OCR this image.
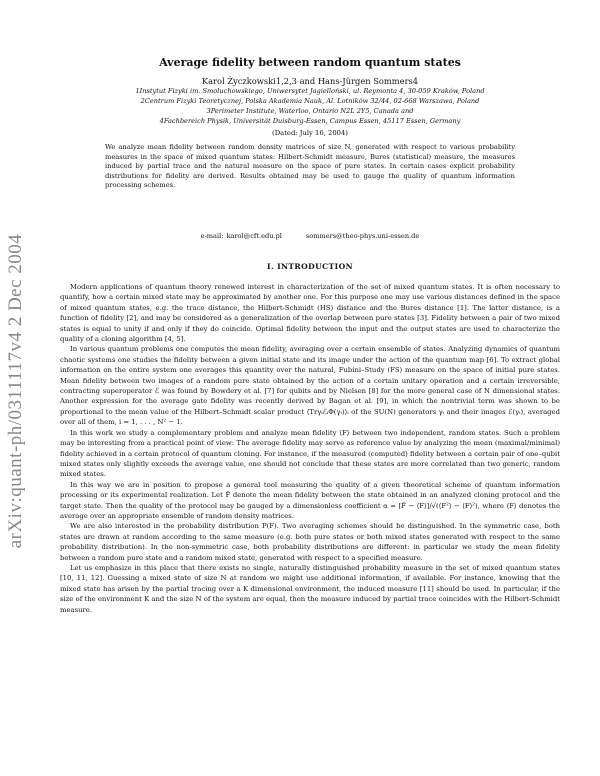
arXiv:quant-ph/0311117v4 2 Dec 2004
Average fidelity between random quantum states
Karol Życzkowski1,2,3 and Hans-Jürgen Sommers4
1Instytut Fizyki im. Smoluchowskiego, Uniwersytet Jagielloński, ul. Reymonta 4, 30-059 Kraków, Poland
2Centrum Fizyki Teoretycznej, Polska Akademia Nauk, Al. Lotników 32/44, 02-668 Warszawa, Poland
3Perimeter Institute, Waterloo, Ontario N2L 2Y5, Canada and
4Fachbereich Physik, Universität Duisburg-Essen, Campus Essen, 45117 Essen, Germany
(Dated: July 16, 2004)
We analyze mean fidelity between random density matrices of size N, generated with respect to various probability measures in the space of mixed quantum states: Hilbert-Schmidt measure, Bures (statistical) measure, the measures induced by partial trace and the natural measure on the space of pure states. In certain cases explicit probability distributions for fidelity are derived. Results obtained may be used to gauge the quality of quantum information processing schemes.
e-mail: karol@cft.edu.pl	sommers@theo-phys.uni-essen.de
I. INTRODUCTION

Modern applications of quantum theory renewed interest in characterization of the set of mixed quantum states. It is often necessary to quantify, how a certain mixed state may be approximated by another one. For this purpose one may use various distances defined in the space of mixed quantum states, e.g. the trace distance, the Hilbert-Schmidt (HS) distance and the Bures distance [1]. The latter distance, is a function of fidelity [2], and may be considered as a generalization of the overlap between pure states [3]. Fidelity between a pair of two mixed states is equal to unity if and only if they do coincide. Optimal fidelity between the input and the output states are used to characterize the quality of a cloning algorithm [4, 5].

In various quantum problems one computes the mean fidelity, averaging over a certain ensemble of states. Analyzing dynamics of quantum chaotic systems one studies the fidelity between a given initial state and its image under the action of the quantum map [6]. To extract global information on the entire system one averages this quantity over the natural, Fubini–Study (FS) measure on the space of initial pure states. Mean fidelity between two images of a random pure state obtained by the action of a certain unitary operation and a certain irreversible, contracting superoperator ℰ was found by Bowdery et al. [7] for qubits and by Nielsen [8] for the more general case of N dimensional states. Another expression for the average gate fidelity was recently derived by Bagan et al. [9], in which the nontrivial term was shown to be proportional to the mean value of the Hilbert–Schmidt scalar product ⟨TrγᵢℰᵢΦ(γᵢ)⟩ᵢ of the SU(N) generators γᵢ and their images ℰ(γᵢ), averaged over all of them, i = 1, . . . , N² − 1.

In this work we study a complementary problem and analyze mean fidelity ⟨F⟩ between two independent, random states. Such a problem may be interesting from a practical point of view: The average fidelity may serve as reference value by analyzing the mean (maximal/minimal) fidelity achieved in a certain protocol of quantum cloning. For instance, if the measured (computed) fidelity between a certain pair of one–qubit mixed states only slightly exceeds the average value, one should not conclude that these states are more correlated than two generic, random mixed states.

In this way we are in position to propose a general tool measuring the quality of a given theoretical scheme of quantum information processing or its experimental realization. Let F̄ denote the mean fidelity between the state obtained in an analyzed cloning protocol and the target state. Then the quality of the protocol may be gauged by a dimensionless coefficient α = [F̄ − ⟨F⟩]/√(⟨F²⟩ − ⟨F⟩²), where ⟨F⟩ denotes the average over an appropriate ensemble of random density matrices.

We are also interested in the probability distribution P(F). Two averaging schemes should be distinguished. In the symmetric case, both states are drawn at random according to the same measure (e.g. both pure states or both mixed states generated with respect to the same probability distribution). In the non-symmetric case, both probability distributions are different: in particular we study the mean fidelity between a random pure state and a random mixed state, generated with respect to a specified measure.

Let us emphasize in this place that there exists no single, naturally distinguished probability measure in the set of mixed quantum states [10, 11, 12]. Guessing a mixed state of size N at random we might use additional information, if available. For instance, knowing that the mixed state has arisen by the partial tracing over a K dimensional environment, the induced measure [11] should be used. In particular, if the size of the environment K and the size N of the system are equal, then the measure induced by partial trace coincides with the Hilbert-Schmidt measure.
